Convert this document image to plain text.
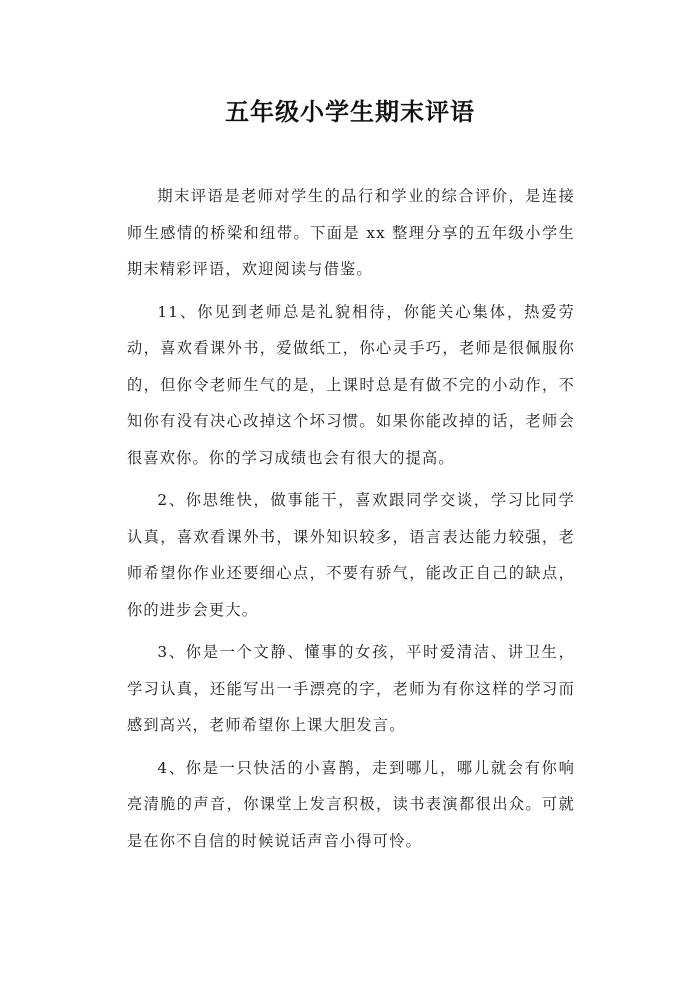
五年级小学生期末评语

期末评语是老师对学生的品行和学业的综合评价，是连接师生感情的桥梁和纽带。下面是 xx 整理分享的五年级小学生期末精彩评语，欢迎阅读与借鉴。

11、你见到老师总是礼貌相待，你能关心集体，热爱劳动，喜欢看课外书，爱做纸工，你心灵手巧，老师是很佩服你的，但你令老师生气的是，上课时总是有做不完的小动作，不知你有没有决心改掉这个坏习惯。如果你能改掉的话，老师会很喜欢你。你的学习成绩也会有很大的提高。

2、你思维快，做事能干，喜欢跟同学交谈，学习比同学认真，喜欢看课外书，课外知识较多，语言表达能力较强，老师希望你作业还要细心点，不要有骄气，能改正自己的缺点，你的进步会更大。

3、你是一个文静、懂事的女孩，平时爱清洁、讲卫生，学习认真，还能写出一手漂亮的字，老师为有你这样的学习而感到高兴，老师希望你上课大胆发言。

4、你是一只快活的小喜鹊，走到哪儿，哪儿就会有你响亮清脆的声音，你课堂上发言积极，读书表演都很出众。可就是在你不自信的时候说话声音小得可怜。
